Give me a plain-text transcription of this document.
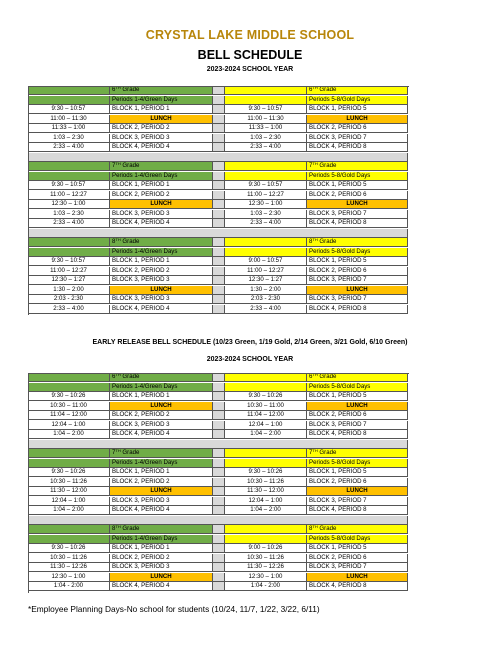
CRYSTAL LAKE MIDDLE SCHOOL
BELL SCHEDULE
2023-2024 SCHOOL YEAR
6TH Grade	6TH Grade
Periods 1-4/Green Days	Periods 5-8/Gold Days
9:30 – 10:57	BLOCK 1, PERIOD 1	9:30 – 10:57	BLOCK 1, PERIOD 5
11:00 – 11:30	LUNCH	11:00 – 11:30	LUNCH
11:33 – 1:00	BLOCK 2, PERIOD 2	11:33 – 1:00	BLOCK 2, PERIOD 6
1:03 – 2:30	BLOCK 3, PERIOD 3	1:03 – 2:30	BLOCK 3, PERIOD 7
2:33 – 4:00	BLOCK 4, PERIOD 4	2:33 – 4:00	BLOCK 4, PERIOD 8
7TH Grade	7TH Grade
Periods 1-4/Green Days	Periods 5-8/Gold Days
9:30 – 10:57	BLOCK 1, PERIOD 1	9:30 – 10:57	BLOCK 1, PERIOD 5
11:00 – 12:27	BLOCK 2, PERIOD 2	11:00 – 12:27	BLOCK 2, PERIOD 6
12:30 – 1:00	LUNCH	12:30 – 1:00	LUNCH
1:03 – 2:30	BLOCK 3, PERIOD 3	1:03 – 2:30	BLOCK 3, PERIOD 7
2:33 – 4:00	BLOCK 4, PERIOD 4	2:33 – 4:00	BLOCK 4, PERIOD 8
8TH Grade	8TH Grade
Periods 1-4/Green Days	Periods 5-8/Gold Days
9:30 – 10:57	BLOCK 1, PERIOD 1	9:00 – 10:57	BLOCK 1, PERIOD 5
11:00 – 12:27	BLOCK 2, PERIOD 2	11:00 – 12:27	BLOCK 2, PERIOD 6
12:30 – 1:27	BLOCK 3, PERIOD 3	12:30 – 1:27	BLOCK 3, PERIOD 7
1:30 – 2:00	LUNCH	1:30 – 2:00	LUNCH
2:03 - 2:30	BLOCK 3, PERIOD 3	2:03 - 2:30	BLOCK 3, PERIOD 7
2:33 – 4:00	BLOCK 4, PERIOD 4	2:33 – 4:00	BLOCK 4, PERIOD 8
EARLY RELEASE BELL SCHEDULE (10/23 Green, 1/19 Gold, 2/14 Green, 3/21 Gold, 6/10 Green)
2023-2024 SCHOOL YEAR
6TH Grade	6TH Grade
Periods 1-4/Green Days	Periods 5-8/Gold Days
9:30 – 10:26	BLOCK 1, PERIOD 1	9:30 – 10:26	BLOCK 1, PERIOD 5
10:30 – 11:00	LUNCH	10:30 – 11:00	LUNCH
11:04 – 12:00	BLOCK 2, PERIOD 2	11:04 – 12:00	BLOCK 2, PERIOD 6
12:04 – 1:00	BLOCK 3, PERIOD 3	12:04 – 1:00	BLOCK 3, PERIOD 7
1:04 – 2:00	BLOCK 4, PERIOD 4	1:04 – 2:00	BLOCK 4, PERIOD 8
7TH Grade	7TH Grade
Periods 1-4/Green Days	Periods 5-8/Gold Days
9:30 – 10:26	BLOCK 1, PERIOD 1	9:30 – 10:26	BLOCK 1, PERIOD 5
10:30 – 11:26	BLOCK 2, PERIOD 2	10:30 – 11:26	BLOCK 2, PERIOD 6
11:30 – 12:00	LUNCH	11:30 – 12:00	LUNCH
12:04 – 1:00	BLOCK 3, PERIOD 3	12:04 – 1:00	BLOCK 3, PERIOD 7
1:04 – 2:00	BLOCK 4, PERIOD 4	1:04 – 2:00	BLOCK 4, PERIOD 8
8TH Grade	8TH Grade
Periods 1-4/Green Days	Periods 5-8/Gold Days
9:30 – 10:26	BLOCK 1, PERIOD 1	9:00 – 10:26	BLOCK 1, PERIOD 5
10:30 – 11:26	BLOCK 2, PERIOD 2	10:30 – 11:26	BLOCK 2, PERIOD 6
11:30 – 12:26	BLOCK 3, PERIOD 3	11:30 – 12:26	BLOCK 3, PERIOD 7
12:30 – 1:00	LUNCH	12:30 – 1:00	LUNCH
1:04 - 2:00	BLOCK 4, PERIOD 4	1:04 - 2:00	BLOCK 4, PERIOD 8
*Employee Planning Days-No school for students (10/24, 11/7, 1/22, 3/22, 6/11)
